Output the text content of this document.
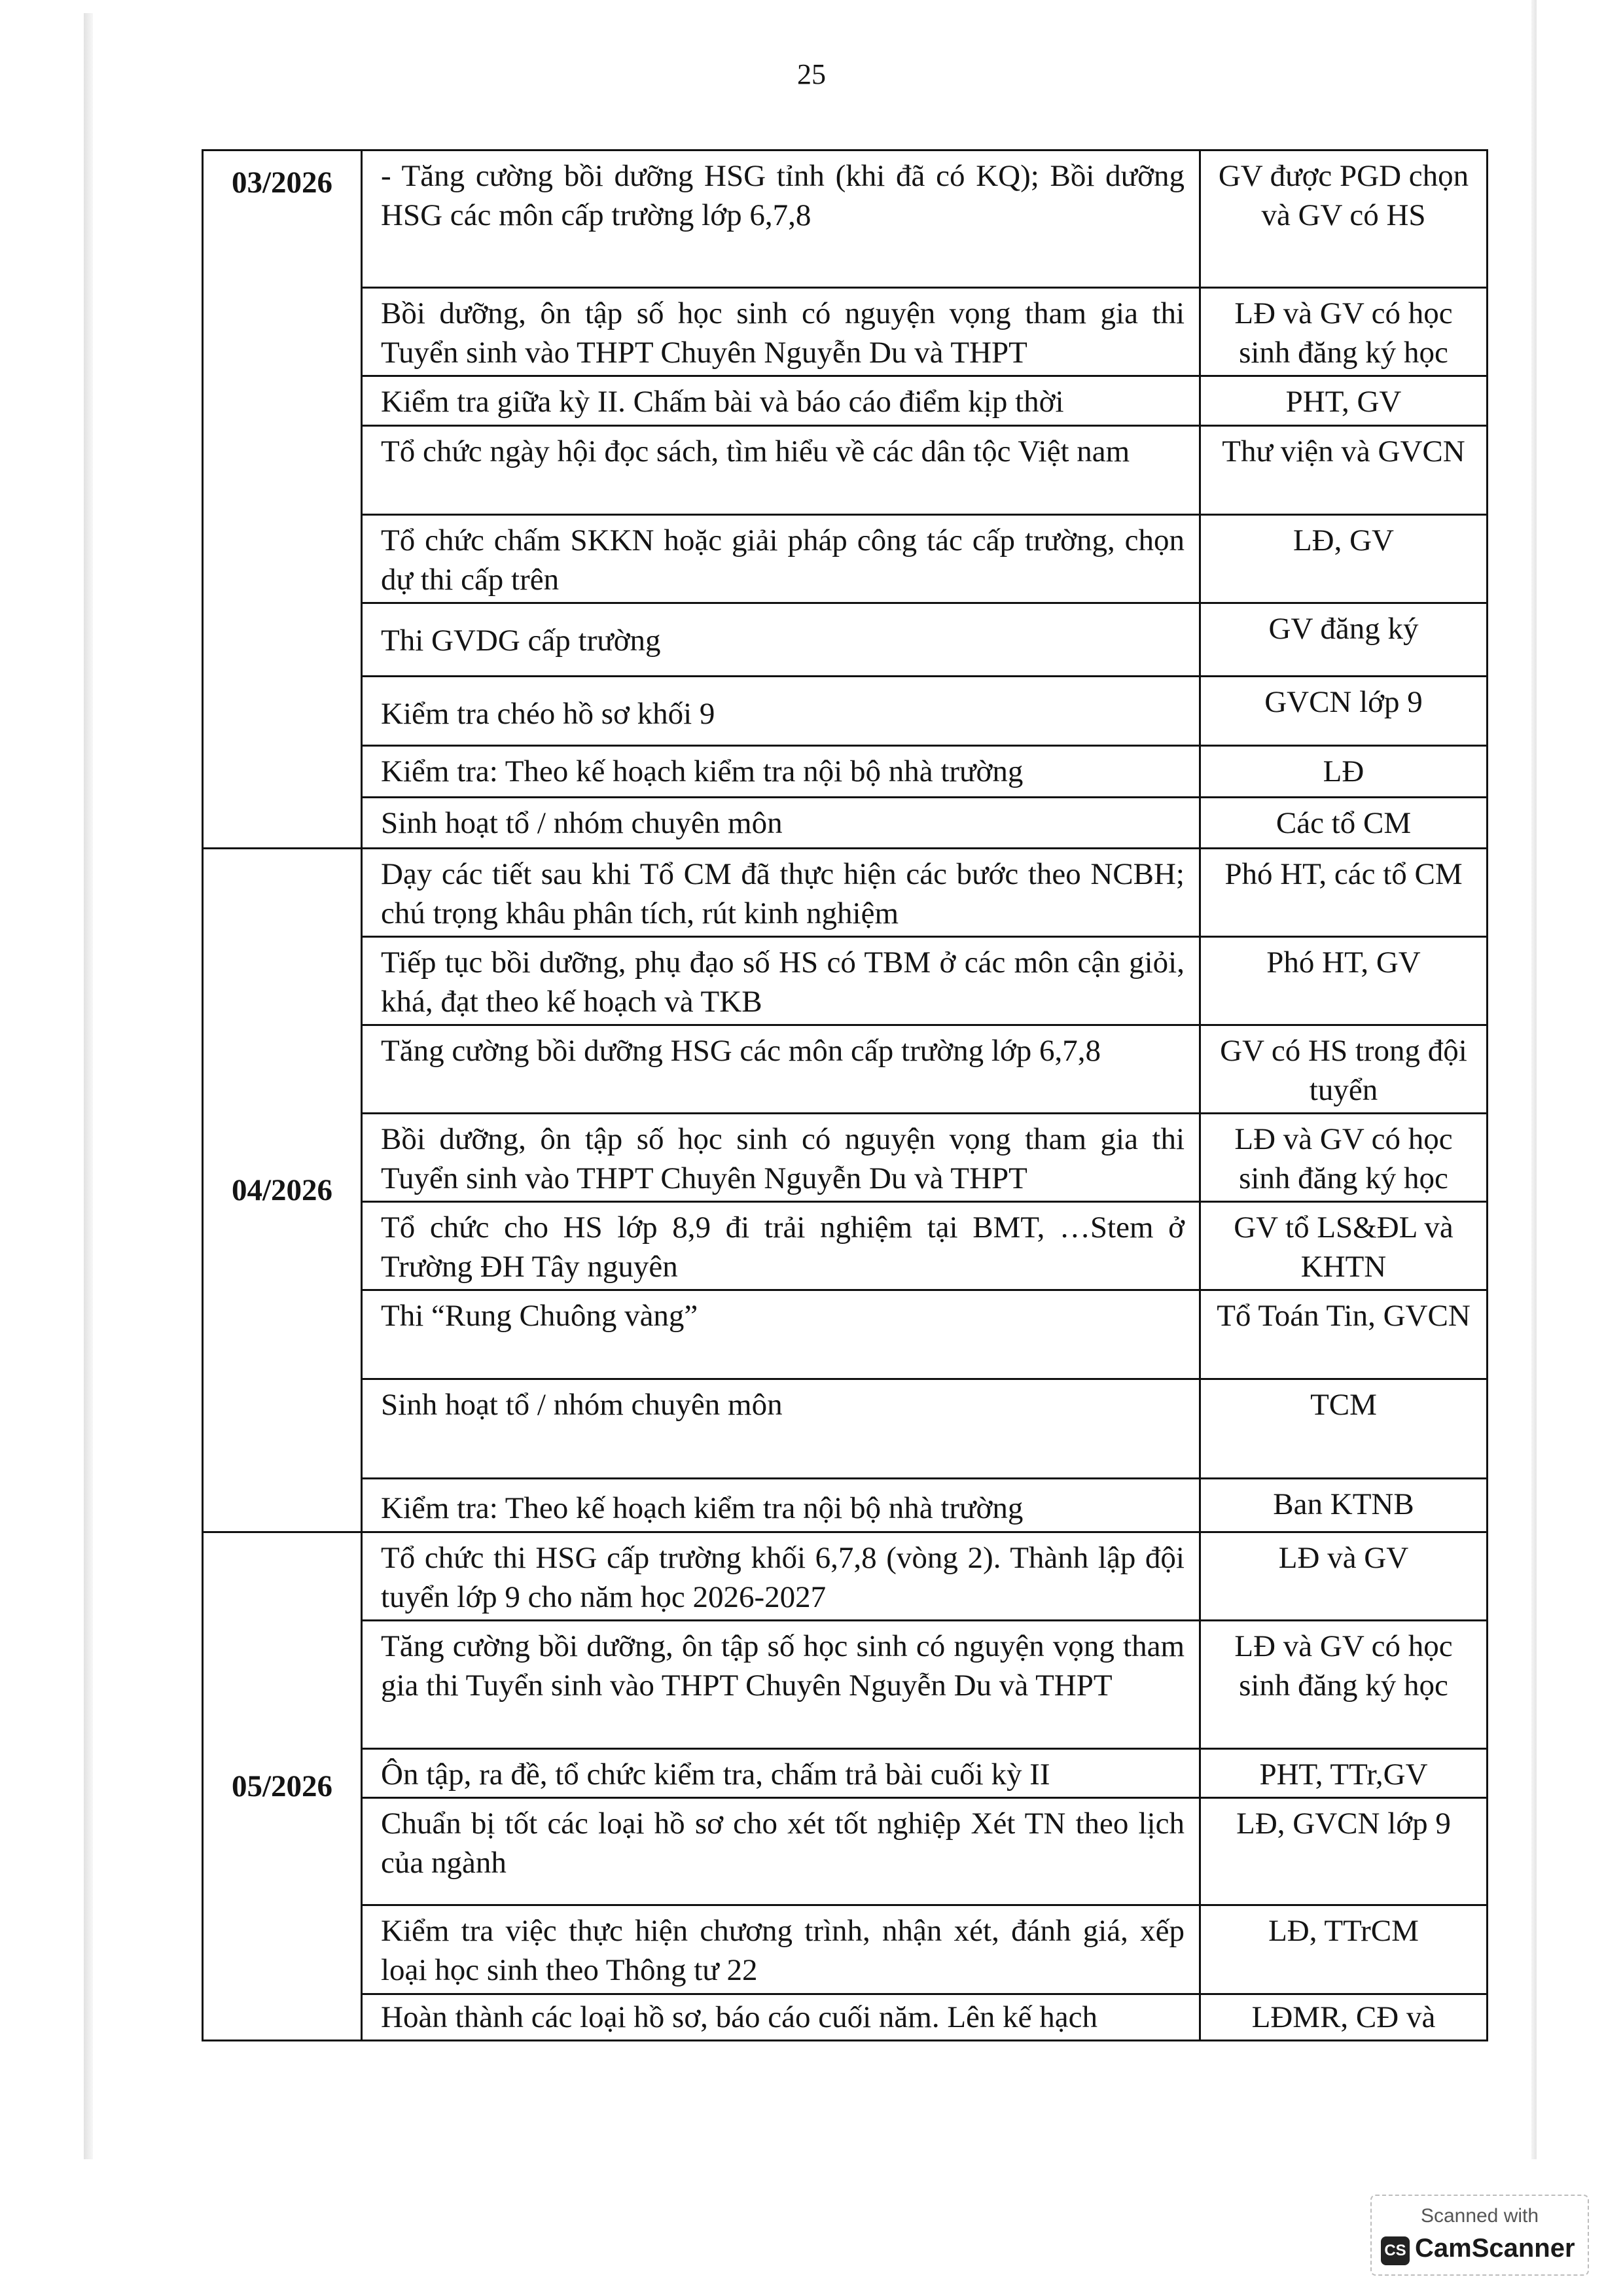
25
03/2026	- Tăng cường bồi dưỡng HSG tỉnh (khi đã có KQ); Bồi dưỡng HSG các môn cấp trường lớp 6,7,8	GV được PGD chọn và GV có HS
	Bồi dưỡng, ôn tập số học sinh có nguyện vọng tham gia thi Tuyển sinh vào THPT Chuyên Nguyễn Du và THPT	LĐ và GV có học sinh đăng ký học
	Kiểm tra giữa kỳ II. Chấm bài và báo cáo điểm kịp thời	PHT, GV
	Tổ chức ngày hội đọc sách, tìm hiểu về các dân tộc Việt nam	Thư viện và GVCN
	Tổ chức chấm SKKN hoặc giải pháp công tác cấp trường, chọn dự thi cấp trên	LĐ, GV
	Thi GVDG cấp trường	GV đăng ký
	Kiểm tra chéo hồ sơ khối 9	GVCN lớp 9
	Kiểm tra: Theo kế hoạch kiểm tra nội bộ nhà trường	LĐ
	Sinh hoạt tổ / nhóm chuyên môn	Các tổ CM
04/2026	Dạy các tiết sau khi Tổ CM đã thực hiện các bước theo NCBH; chú trọng khâu phân tích, rút kinh nghiệm	Phó HT, các tổ CM
	Tiếp tục bồi dưỡng, phụ đạo số HS có TBM ở các môn cận giỏi, khá, đạt theo kế hoạch và TKB	Phó HT, GV
	Tăng cường bồi dưỡng HSG các môn cấp trường lớp 6,7,8	GV có HS trong đội tuyển
	Bồi dưỡng, ôn tập số học sinh có nguyện vọng tham gia thi Tuyển sinh vào THPT Chuyên Nguyễn Du và THPT	LĐ và GV có học sinh đăng ký học
	Tổ chức cho HS lớp 8,9 đi trải nghiệm tại BMT, …Stem ở Trường ĐH Tây nguyên	GV tổ LS&ĐL và KHTN
	Thi “Rung Chuông vàng”	Tổ Toán Tin, GVCN
	Sinh hoạt tổ / nhóm chuyên môn	TCM
	Kiểm tra: Theo kế hoạch kiểm tra nội bộ nhà trường	Ban KTNB
05/2026	Tổ chức thi HSG cấp trường khối 6,7,8 (vòng 2). Thành lập đội tuyển lớp 9 cho năm học 2026-2027	LĐ và GV
	Tăng cường bồi dưỡng, ôn tập số học sinh có nguyện vọng tham gia thi Tuyển sinh vào THPT Chuyên Nguyễn Du và THPT	LĐ và GV có học sinh đăng ký học
	Ôn tập, ra đề, tổ chức kiểm tra, chấm trả bài cuối kỳ II	PHT, TTr,GV
	Chuẩn bị tốt các loại hồ sơ cho xét tốt nghiệp Xét TN theo lịch của ngành	LĐ, GVCN lớp 9
	Kiểm tra việc thực hiện chương trình, nhận xét, đánh giá, xếp loại học sinh theo Thông tư 22	LĐ, TTrCM
	Hoàn thành các loại hồ sơ, báo cáo cuối năm. Lên kế hạch	LĐMR, CĐ và
Scanned with
CS CamScanner
